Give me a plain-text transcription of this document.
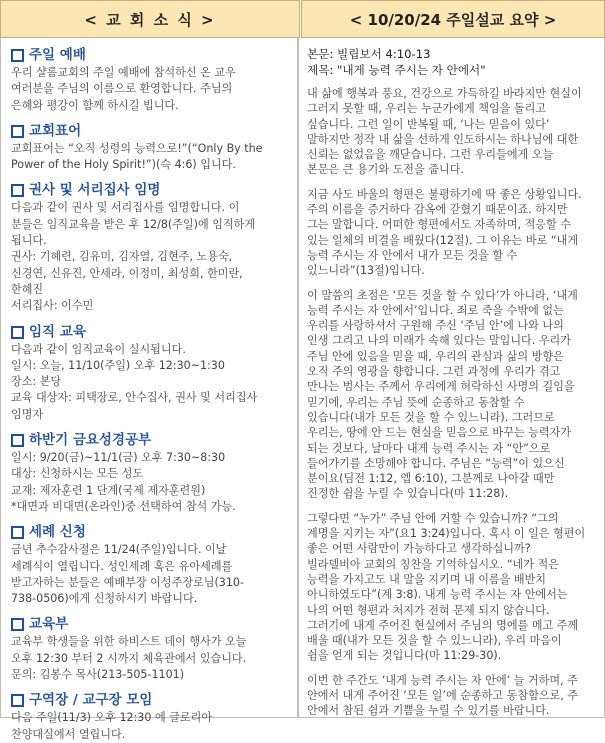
< 교 회 소 식 >	< 10/20/24 주일설교 요약 >
주일 예배

우리 샬롬교회의 주일 예배에 참석하신 온 교우

여러분을 주님의 이름으로 환영합니다. 주님의

은혜와 평강이 함께 하시길 빕니다.

교회표어

교회표어는 “오직 성령의 능력으로!”(“Only By the

Power of the Holy Spirit!”)(슥 4:6) 입니다.

권사 및 서리집사 임명

다음과 같이 권사 및 서리집사를 임명합니다. 이

분들은 임직교육을 받은 후 12/8(주일)에 임직하게

됩니다.

권사: 기혜련, 김유미, 김자열, 김현주, 노용숙,

신경연, 신유진, 안세라, 이정미, 최성희, 한미란,

한혜진

서리집사: 이수민

임직 교육

다음과 같이 임직교육이 실시됩니다.

일시: 오늘, 11/10(주일) 오후 12:30~1:30

장소: 본당

교육 대상자: 피택장로, 안수집사, 권사 및 서리집사

임명자

하반기 금요성경공부

일시: 9/20(금)~11/1(금) 오후 7:30~8:30

대상: 신청하시는 모든 성도

교재: 제자훈련 1 단계(국제 제자훈련원)

*대면과 비대면(온라인)중 선택하여 참석 가능.

세례 신청

금년 추수감사절은 11/24(주일)입니다. 이날

세례식이 열립니다. 성인세례 혹은 유아세례를

받고자하는 분들은 예배부장 이성주장로님(310-

738-0506)에게 신청하시기 바랍니다.

교육부

교육부 학생들을 위한 하비스트 데이 행사가 오늘

오후 12:30 부터 2 시까지 체육관에서 있습니다.

문의: 김봉수 목사(213-505-1101)

구역장 / 교구장 모임

다음 주일(11/3) 오후 12:30 에 글로리아

찬양대실에서 열립니다.

본문: 빌립보서 4:10-13

제목: "내게 능력 주시는 자 안에서"

내 삶에 행복과 풍요, 건강으로 가득하길 바라지만 현실이
그러지 못할 때, 우리는 누군가에게 책임을 돌리고
싶습니다. 그런 일이 반복될 때, ‘나는 믿음이 있다’
말하지만 정작 내 삶을 선하게 인도하시는 하나님에 대한
신뢰는 없었음을 깨닫습니다. 그런 우리들에게 오늘
본문은 큰 용기와 도전을 줍니다.
지금 사도 바울의 형편은 불평하기에 딱 좋은 상황입니다.
주의 이름을 증거하다 감옥에 갇혔기 때문이죠. 하지만
그는 말합니다. 어떠한 형편에서도 자족하며, 적응할 수
있는 일체의 비결을 배웠다(12절). 그 이유는 바로 “내게
능력 주시는 자 안에서 내가 모든 것을 할 수
있느니라”(13절)입니다.
이 말씀의 초점은 ‘모든 것을 할 수 있다’가 아니라, ‘내게
능력 주시는 자 안에서’입니다. 죄로 죽을 수밖에 없는
우리를 사랑하셔서 구원해 주신 ‘주님 안’에 나와 나의
인생 그리고 나의 미래가 속해 있다는 말입니다. 우리가
주님 안에 있음을 믿을 때, 우리의 관심과 삶의 방향은
오직 주의 영광을 향합니다. 그런 과정에 우리가 겪고
만나는 범사는 주께서 우리에게 허락하신 사명의 길임을
믿기에, 우리는 주님 뜻에 순종하고 동참할 수
있습니다(내가 모든 것을 할 수 있느니라). 그러므로
우리는, 땅에 안 드는 현실을 믿음으로 바꾸는 능력자가
되는 것보다, 날마다 내게 능력 주시는 자 “안”으로
들어가기를 소망해야 합니다. 주님은 “능력”이 있으신
분이요(딤전 1:12, 엡 6:10), 그분께로 나아갈 때만
진정한 쉼을 누릴 수 있습니다(마 11:28).
그렇다면 “누가” 주님 안에 거할 수 있습니까? “그의
계명을 지키는 자”(요1 3:24)입니다. 혹시 이 일은 형편이
좋은 어떤 사람만이 가능하다고 생각하십니까?
빌라델비아 교회의 칭찬을 기억하십시오. “네가 적은
능력을 가지고도 내 말을 지키며 내 이름을 배반치
아니하였도다”(계 3:8). 내게 능력 주시는 자 안에서는
나의 어떤 형편과 처지가 전혀 문제 되지 않습니다.
그러기에 내게 주어진 현실에서 주님의 명에를 메고 주께
배울 때(내가 모든 것을 할 수 있느니라), 우리 마음이
쉼을 얻게 되는 것입니다(마 11:29-30).
이번 한 주간도 ‘내게 능력 주시는 자 안에’ 늘 거하며, 주
안에서 내게 주어진 ‘모든 일’에 순종하고 동참함으로, 주
안에서 참된 쉼과 기쁨을 누릴 수 있기를 바랍니다.
